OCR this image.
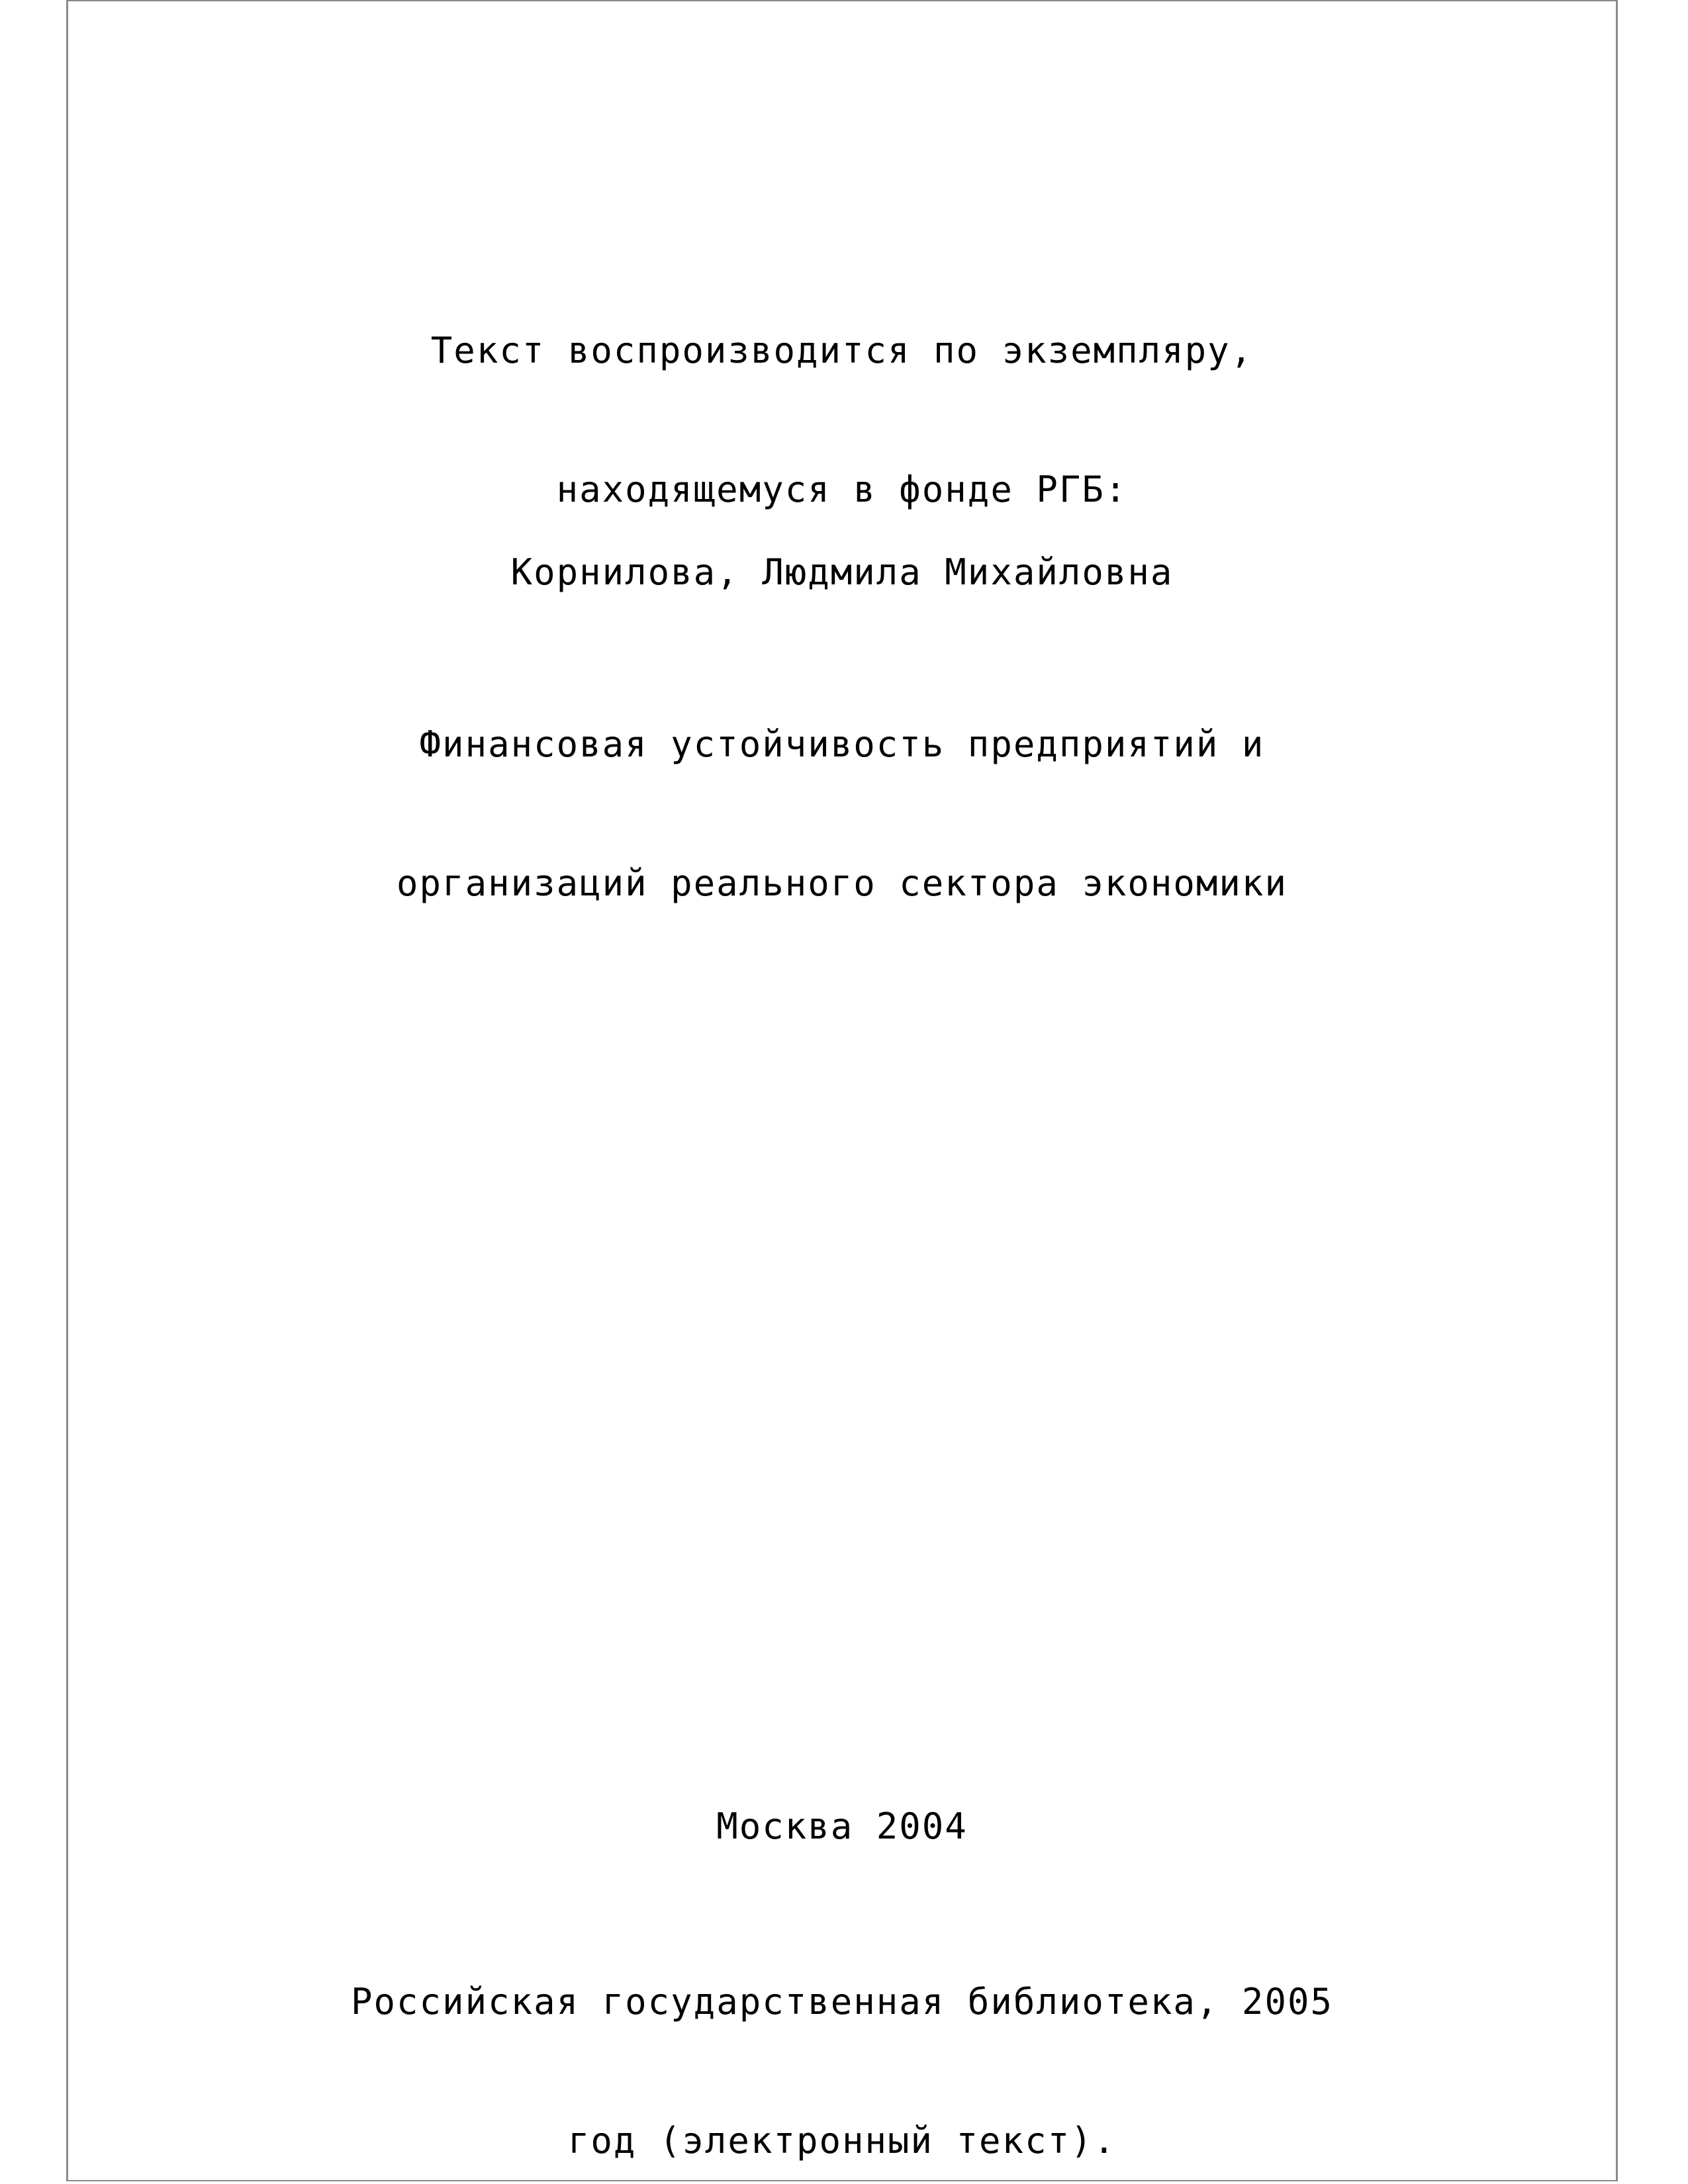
Текст воспроизводится по экземпляру,

находящемуся в фонде РГБ:

Корнилова, Людмила Михайловна

Финансовая устойчивость предприятий и

организаций реального сектора экономики

Москва 2004

Российская государственная библиотека, 2005

год (электронный текст).
